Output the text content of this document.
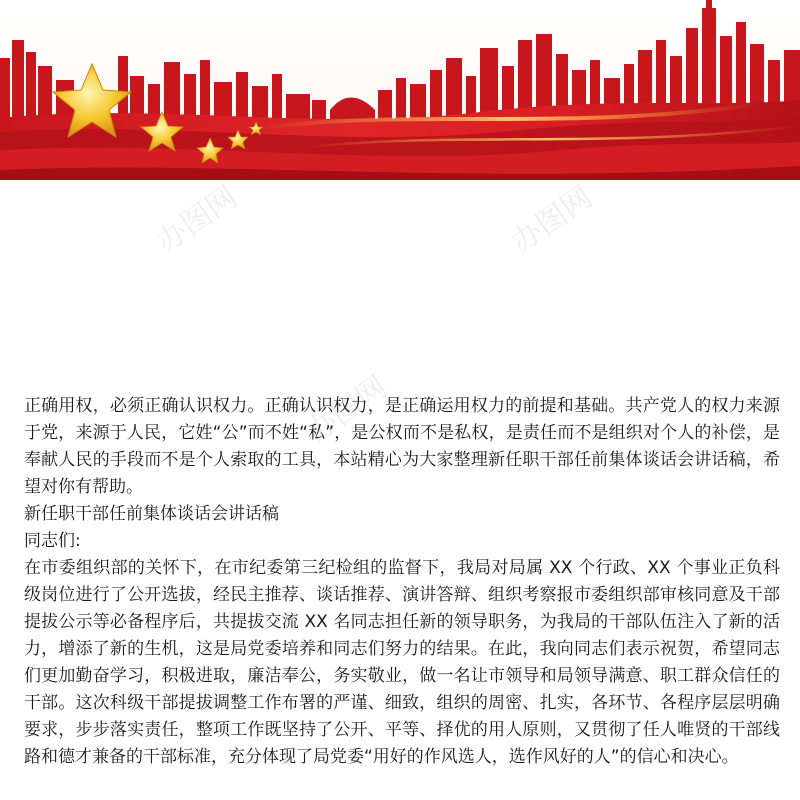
办图网	办图网
办图网

正确用权，必须正确认识权力。正确认识权力，是正确运用权力的前提和基础。共产党人的权力来源于党，来源于人民，它姓“公”而不姓“私”，是公权而不是私权，是责任而不是组织对个人的补偿，是奉献人民的手段而不是个人索取的工具，本站精心为大家整理新任职干部任前集体谈话会讲话稿，希望对你有帮助。

新任职干部任前集体谈话会讲话稿

同志们:

在市委组织部的关怀下，在市纪委第三纪检组的监督下，我局对局属 XX 个行政、XX 个事业正负科级岗位进行了公开选拔，经民主推荐、谈话推荐、演讲答辩、组织考察报市委组织部审核同意及干部提拔公示等必备程序后，共提拔交流 XX 名同志担任新的领导职务，为我局的干部队伍注入了新的活力，增添了新的生机，这是局党委培养和同志们努力的结果。在此，我向同志们表示祝贺，希望同志们更加勤奋学习，积极进取，廉洁奉公，务实敬业，做一名让市领导和局领导满意、职工群众信任的干部。这次科级干部提拔调整工作布署的严谨、细致，组织的周密、扎实，各环节、各程序层层明确要求，步步落实责任，整项工作既坚持了公开、平等、择优的用人原则，又贯彻了任人唯贤的干部线路和德才兼备的干部标准，充分体现了局党委“用好的作风选人，选作风好的人”的信心和决心。
